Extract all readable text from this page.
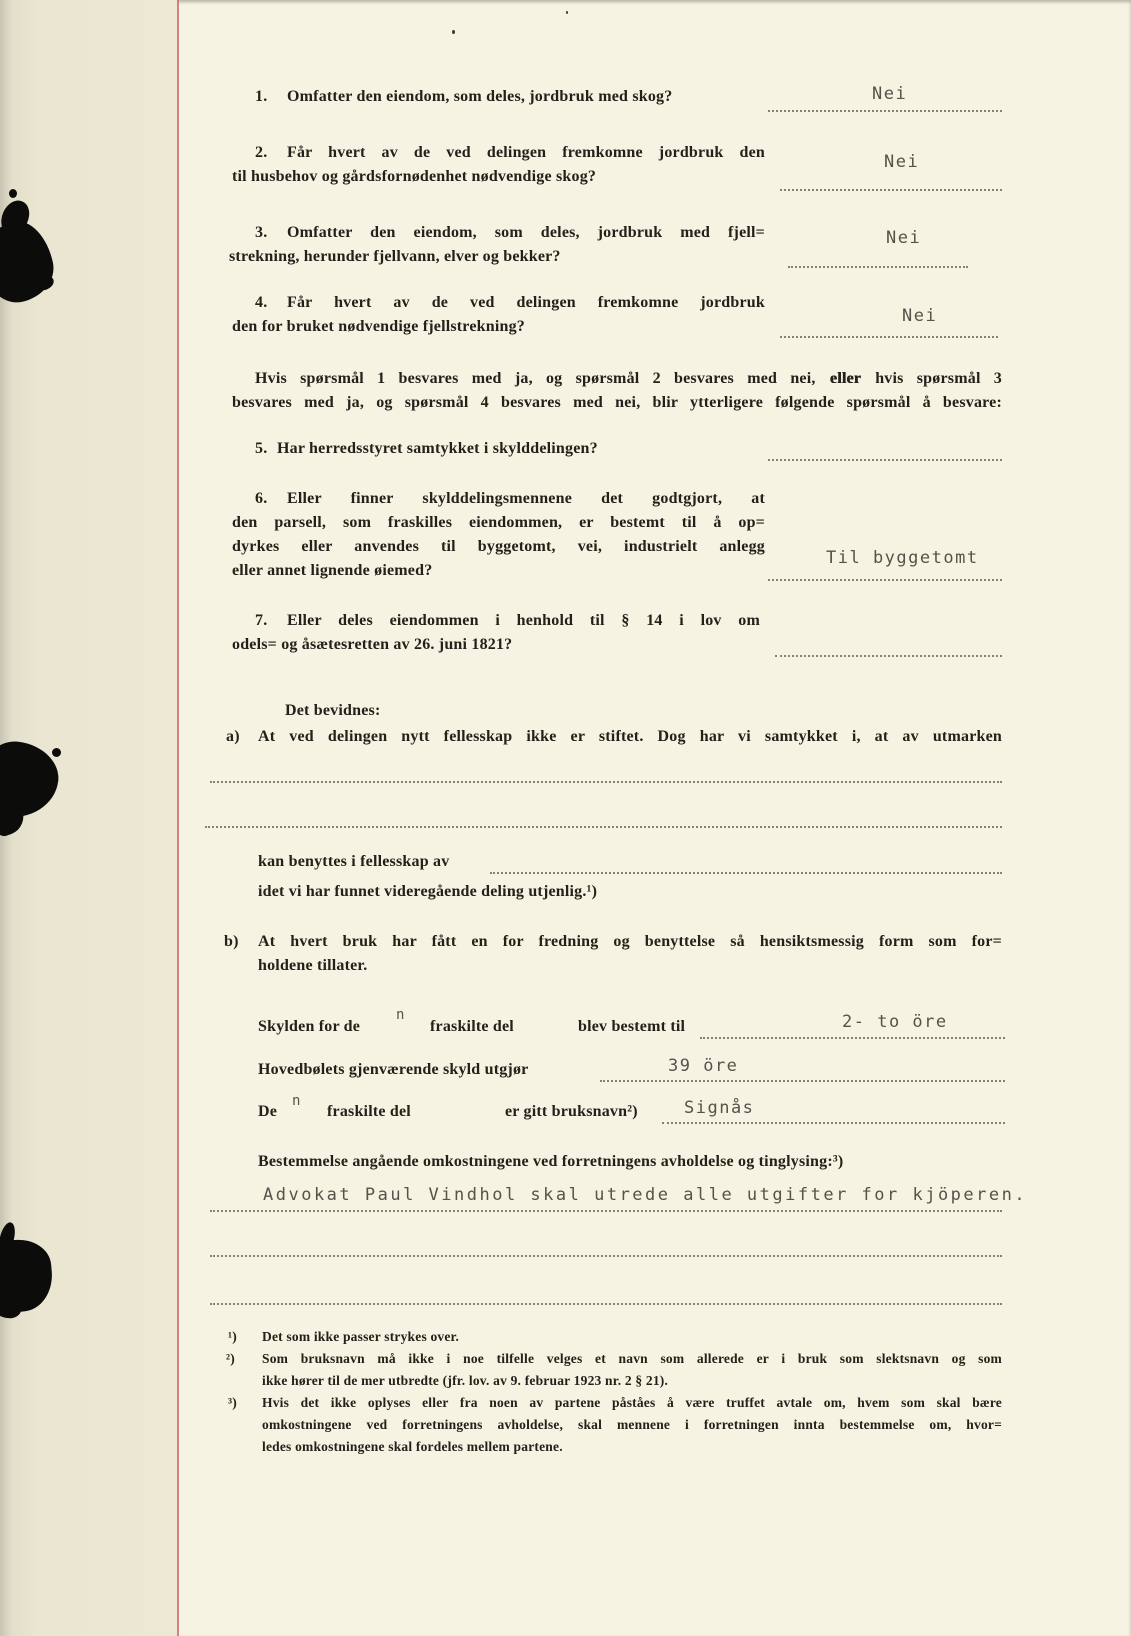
1. Omfatter den eiendom, som deles, jordbruk med skog?	Nei
2. Får hvert av de ved delingen fremkomne jordbruk den
til husbehov og gårdsfornødenhet nødvendige skog?
Nei
3. Omfatter den eiendom, som deles, jordbruk med fjell=
strekning, herunder fjellvann, elver og bekker?
Nei
4. Får hvert av de ved delingen fremkomne jordbruk
den for bruket nødvendige fjellstrekning?
Nei
Hvis spørsmål 1 besvares med ja, og spørsmål 2 besvares med nei, eller hvis spørsmål 3
besvares med ja, og spørsmål 4 besvares med nei, blir ytterligere følgende spørsmål å besvare:
5. Har herredsstyret samtykket i skylddelingen?
6. Eller finner skylddelingsmennene det godtgjort, at
den parsell, som fraskilles eiendommen, er bestemt til å op=
dyrkes eller anvendes til byggetomt, vei, industrielt anlegg
eller annet lignende øiemed?
Til byggetomt
7. Eller deles eiendommen i henhold til § 14 i lov om
odels= og åsætesretten av 26. juni 1821?
Det bevidnes:
a) At ved delingen nytt fellesskap ikke er stiftet. Dog har vi samtykket i, at av utmarken
kan benyttes i fellesskap av
idet vi har funnet videregående deling utjenlig.¹)
b) At hvert bruk har fått en for fredning og benyttelse så hensiktsmessig form som for=
holdene tillater.
Skylden for de
n
fraskilte del	blev bestemt til	2- to öre
Hovedbølets gjenværende skyld utgjør	39 öre
De
n
fraskilte del	er gitt bruksnavn²)	Signås
Bestemmelse angående omkostningene ved forretningens avholdelse og tinglysing:³)
Advokat Paul Vindhol skal utrede alle utgifter for kjöperen.
¹) Det som ikke passer strykes over.
²) Som bruksnavn må ikke i noe tilfelle velges et navn som allerede er i bruk som slektsnavn og som
ikke hører til de mer utbredte (jfr. lov. av 9. februar 1923 nr. 2 § 21).
³) Hvis det ikke oplyses eller fra noen av partene påståes å være truffet avtale om, hvem som skal bære
omkostningene ved forretningens avholdelse, skal mennene i forretningen innta bestemmelse om, hvor=
ledes omkostningene skal fordeles mellem partene.
